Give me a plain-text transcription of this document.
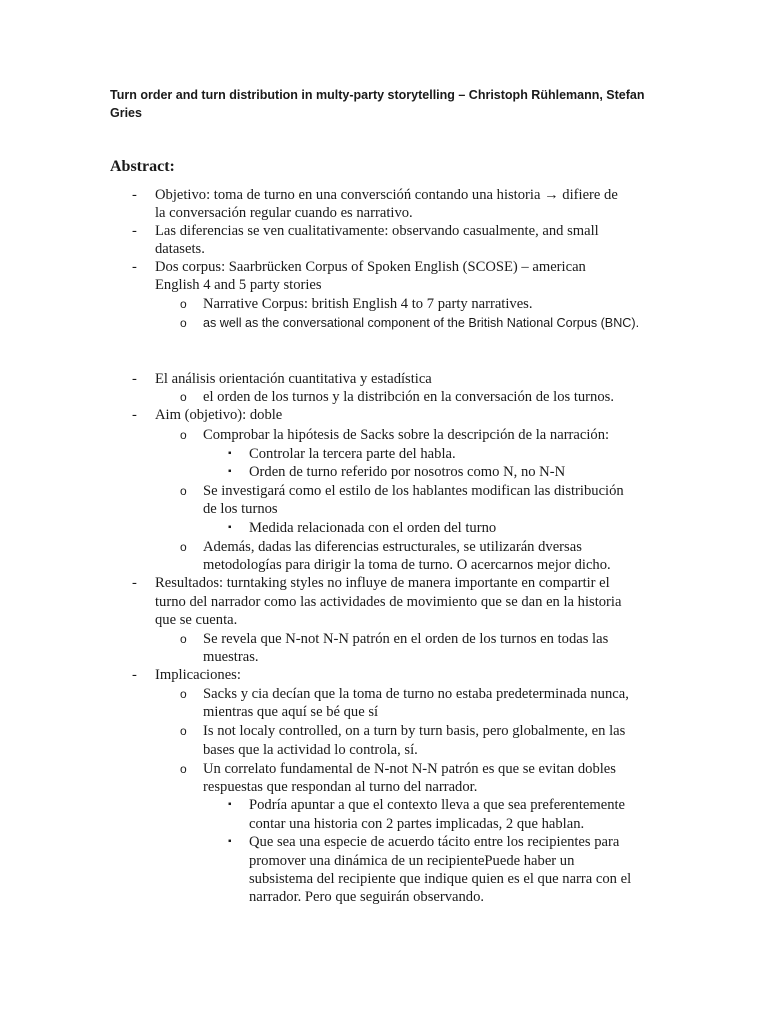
Turn order and turn distribution in multy-party storytelling – Christoph Rühlemann, Stefan Gries
Abstract:
-
-
-
o
o
-
o
-
o
▪
▪
o
▪
o
-
o
-
o
o
o
▪
▪

Objetivo: toma de turno en una converscióń contando una historia → difiere de

la conversación regular cuando es narrativo.

Las diferencias se ven cualitativamente: observando casualmente, and small

datasets.

Dos corpus: Saarbrücken Corpus of Spoken English (SCOSE) – american

English 4 and 5 party stories

Narrative Corpus: british English 4 to 7 party narratives.

as well as the conversational component of the British National Corpus (BNC).

El análisis orientación cuantitativa y estadística

el orden de los turnos y la distribción en la conversación de los turnos.

Aim (objetivo): doble

Comprobar la hipótesis de Sacks sobre la descripción de la narración:

Controlar la tercera parte del habla.

Orden de turno referido por nosotros como N, no N-N

Se investigará como el estilo de los hablantes modifican las distribución

de los turnos

Medida relacionada con el orden del turno

Además, dadas las diferencias estructurales, se utilizarán dversas

metodologías para dirigir la toma de turno. O acercarnos mejor dicho.

Resultados: turntaking styles no influye de manera importante en compartir el

turno del narrador como las actividades de movimiento que se dan en la historia

que se cuenta.

Se revela que N-not N-N patrón en el orden de los turnos en todas las

muestras.

Implicaciones:

Sacks y cia decían que la toma de turno no estaba predeterminada nunca,

mientras que aquí se bé que sí

Is not localy controlled, on a turn by turn basis, pero globalmente, en las

bases que la actividad lo controla, sí.

Un correlato fundamental de N-not N-N patrón es que se evitan dobles

respuestas que respondan al turno del narrador.

Podría apuntar a que el contexto lleva a que sea preferentemente

contar una historia con 2 partes implicadas, 2 que hablan.

Que sea una especie de acuerdo tácito entre los recipientes para

promover una dinámica de un recipientePuede haber un

subsistema del recipiente que indique quien es el que narra con el

narrador. Pero que seguirán observando.
